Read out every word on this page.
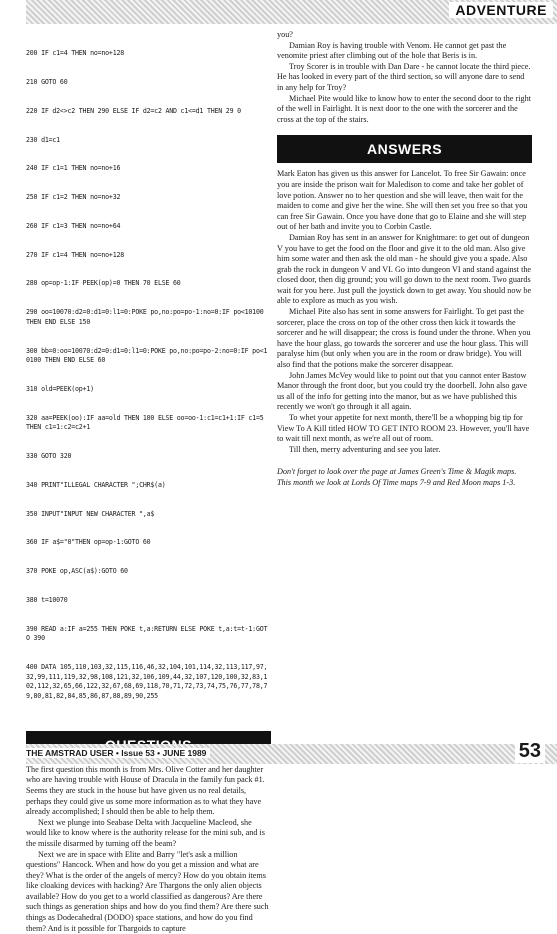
ADVENTURE

200 IF c1=4 THEN no=no+128

210 GOTO 60

220 IF d2<>c2 THEN 290 ELSE IF d2=c2 AND c1<=d1 THEN 29 0

230 d1=c1

240 IF c1=1 THEN no=no+16

250 IF c1=2 THEN no=no+32

260 IF c1=3 THEN no=no+64

270 IF c1=4 THEN no=no+128

280 op=op-1:IF PEEK(op)=0 THEN 70 ELSE 60

290 oo=10070:d2=0:d1=0:l1=0:POKE po,no:po=po-1:no=0:IF po<10100 THEN END ELSE 150

300 bb=0:oo=10070:d2=0:d1=0:l1=0:POKE po,no:po=po-2:no=0:IF po<10100 THEN END ELSE 60

310 old=PEEK(op+1)

320 aa=PEEK(oo):IF aa=old THEN 100 ELSE oo=oo-1:c1=c1+1:IF c1=5 THEN c1=1:c2=c2+1

330 GOTO 320

340 PRINT"ILLEGAL CHARACTER ";CHR$(a)

350 INPUT"INPUT NEW CHARACTER ",a$

360 IF a$="0"THEN op=op-1:GOTO 60

370 POKE op,ASC(a$):GOTO 60

380 t=10070

390 READ a:IF a=255 THEN POKE t,a:RETURN ELSE POKE t,a:t=t-1:GOTO 390

400 DATA 105,110,103,32,115,116,46,32,104,101,114,32,113,117,97,32,99,111,119,32,98,108,121,32,106,109,44,32,107,120,100,32,83,102,112,32,65,66,122,32,67,68,69,118,70,71,72,73,74,75,76,77,78,79,80,81,82,84,85,86,87,88,89,90,255

The first question this month is from Mrs. Olive Cotter and her daughter who are having trouble with House of Dracula in the family fun pack #1. Seems they are stuck in the house but have given us no real details, perhaps they could give us some more information as to what they have already accomplished; I should then be able to help them.

Next we plunge into Seabase Delta with Jacqueline Macleod, she would like to know where is the authority release for the mini sub, and is the missile disarmed by turning off the beam?

Next we are in space with Elite and Barry "let's ask a million questions" Hancock. When and how do you get a mission and what are they? What is the order of the angels of mercy? How do you obtain items like cloaking devices with hacking? Are Thargons the only alien objects available? How do you get to a world classified as dangerous? Are there such things as generation ships and how do you find them? Are there such things as Dodecahedral (DODO) space stations, and how do you find them? And is it possible for Thargoids to capture

you?

Damian Roy is having trouble with Venom. He cannot get past the venomite priest after climbing out of the hole that Beris is in.

Troy Scorer is in trouble with Dan Dare - he cannot locate the third piece. He has looked in every part of the third section, so will anyone dare to send in any help for Troy?

Michael Pite would like to know how to enter the second door to the right of the well in Fairlight. It is next door to the one with the sorcerer and the cross at the top of the stairs.

ANSWERS

Mark Eaton has given us this answer for Lancelot. To free Sir Gawain: once you are inside the prison wait for Maledison to come and take her goblet of love potion. Answer no to her question and she will leave, then wait for the maiden to come and give her the wine. She will then set you free so that you can free Sir Gawain. Once you have done that go to Elaine and she will step out of her bath and invite you to Corbin Castle.

Damian Roy has sent in an answer for Knightmare: to get out of dungeon V you have to get the food on the floor and give it to the old man. Also give him some water and then ask the old man - he should give you a spade. Also grab the rock in dungeon V and VI. Go into dungeon VI and stand against the closed door, then dig ground; you will go down to the next room. Two guards wait for you here. Just pull the joystick down to get away. You should now be able to explore as much as you wish.

Michael Pite also has sent in some answers for Fairlight. To get past the sorcerer, place the cross on top of the other cross then kick it towards the sorcerer and he will disappear; the cross is found under the throne. When you have the hour glass, go towards the sorcerer and use the hour glass. This will paralyse him (but only when you are in the room or draw bridge). You will also find that the potions make the sorcerer disappear.

John James McVey would like to point out that you cannot enter Bastow Manor through the front door, but you could try the doorbell. John also gave us all of the info for getting into the manor, but as we have published this recently we won't go through it all again.

To whet your appetite for next month, there'll be a whopping big tip for View To A Kill titled HOW TO GET INTO ROOM 23. However, you'll have to wait till next month, as we're all out of room.

Till then, merry adventuring and see you later.

Don't forget to look over the page at James Green's Time & Magik maps. This month we look at Lords Of Time maps 7-9 and Red Moon maps 1-3.

THE AMSTRAD USER • Issue 53 • JUNE 1989	53
